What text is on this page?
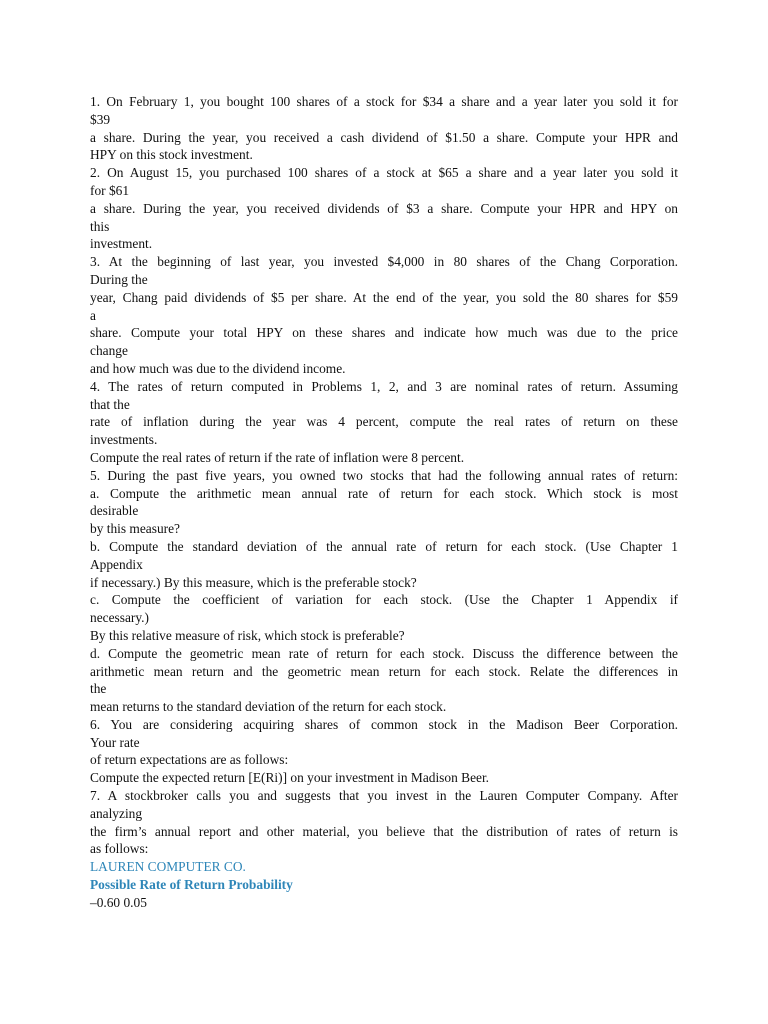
1. On February 1, you bought 100 shares of a stock for $34 a share and a year later you sold it for
$39
a share. During the year, you received a cash dividend of $1.50 a share. Compute your HPR and
HPY on this stock investment.
2. On August 15, you purchased 100 shares of a stock at $65 a share and a year later you sold it
for $61
a share. During the year, you received dividends of $3 a share. Compute your HPR and HPY on
this
investment.
3. At the beginning of last year, you invested $4,000 in 80 shares of the Chang Corporation.
During the
year, Chang paid dividends of $5 per share. At the end of the year, you sold the 80 shares for $59
a
share. Compute your total HPY on these shares and indicate how much was due to the price
change
and how much was due to the dividend income.
4. The rates of return computed in Problems 1, 2, and 3 are nominal rates of return. Assuming
that the
rate of inflation during the year was 4 percent, compute the real rates of return on these
investments.
Compute the real rates of return if the rate of inflation were 8 percent.
5. During the past five years, you owned two stocks that had the following annual rates of return:
a. Compute the arithmetic mean annual rate of return for each stock. Which stock is most
desirable
by this measure?
b. Compute the standard deviation of the annual rate of return for each stock. (Use Chapter 1
Appendix
if necessary.) By this measure, which is the preferable stock?
c. Compute the coefficient of variation for each stock. (Use the Chapter 1 Appendix if
necessary.)
By this relative measure of risk, which stock is preferable?
d. Compute the geometric mean rate of return for each stock. Discuss the difference between the
arithmetic mean return and the geometric mean return for each stock. Relate the differences in
the
mean returns to the standard deviation of the return for each stock.
6. You are considering acquiring shares of common stock in the Madison Beer Corporation.
Your rate
of return expectations are as follows:
Compute the expected return [E(Ri)] on your investment in Madison Beer.
7. A stockbroker calls you and suggests that you invest in the Lauren Computer Company. After
analyzing
the firm’s annual report and other material, you believe that the distribution of rates of return is
as follows:
LAUREN COMPUTER CO.
Possible Rate of Return Probability
–0.60 0.05
